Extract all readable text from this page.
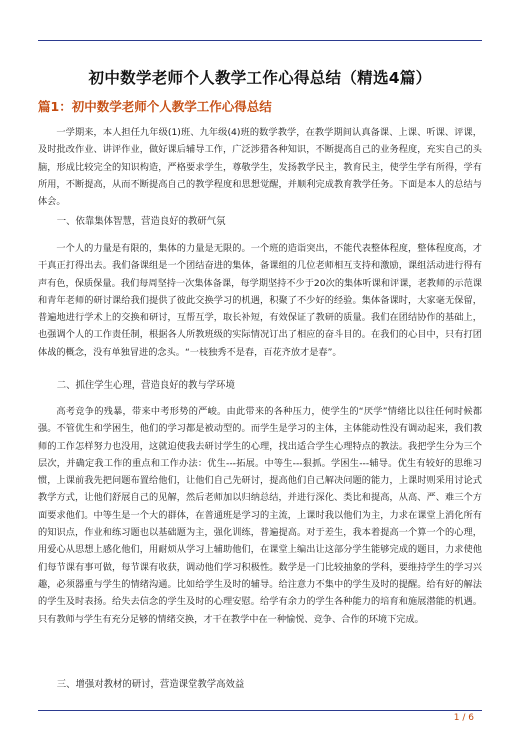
初中数学老师个人教学工作心得总结（精选4篇）
篇1：初中数学老师个人教学工作心得总结

一学期来，本人担任九年级(1)班、九年级(4)班的数学教学，在教学期间认真备课、上课、听课、评课，及时批改作业、讲评作业，做好课后辅导工作，广泛涉猎各种知识，不断提高自己的业务程度，充实自己的头脑，形成比较完全的知识构造，严格要求学生，尊敬学生，发扬教学民主，教育民主，使学生学有所得，学有所用，不断提高，从而不断提高自己的教学程度和思想觉醒，并顺利完成教育教学任务。下面是本人的总结与体会。

一、依靠集体智慧，营造良好的教研气氛

一个人的力量是有限的，集体的力量是无限的。一个班的造诣突出，不能代表整体程度，整体程度高，才干真正打得出去。我们备课组是一个团结奋进的集体，备课组的几位老师相互支持和激励，课组活动进行得有声有色，保质保量。我们每周坚持一次集体备课，每学期坚持不少于20次的集体听课和评课，老教师的示范课和青年老师的研讨课给我们提供了彼此交换学习的机遇，积聚了不少好的经验。集体备课时，大家毫无保留，普遍地进行学术上的交换和研讨，互帮互学，取长补短，有效保证了教研的质量。我们在团结协作的基础上，也强调个人的工作责任制，根据各人所教班级的实际情况订出了相应的奋斗目的。在我们的心目中，只有打团体战的概念，没有单独冒进的念头。“一枝独秀不是春，百花齐放才是春”。

二、抓住学生心理，营造良好的教与学环境

高考竞争的残暴，带来中考形势的严峻。由此带来的各种压力，使学生的“厌学”情绪比以往任何时候都强。不管优生和学困生，他们的学习都是被动型的。而学生是学习的主体，主体能动性没有调动起来，我们教师的工作怎样努力也没用，这就迫使我去研讨学生的心理，找出适合学生心理特点的教法。我把学生分为三个层次，并确定我工作的重点和工作办法：优生---拓展。中等生---狠抓。学困生---辅导。优生有较好的思维习惯，上课前我先把问题布置给他们，让他们自己先研讨，提高他们自己解决问题的能力，上课时则采用讨论式教学方式，让他们舒展自己的见解，然后老师加以归纳总结，并进行深化、类比和提高，从高、严、难三个方面要求他们。中等生是一个大的群体，在普通班是学习的主流，上课时我以他们为主，力求在课堂上消化所有的知识点，作业和练习题也以基础题为主，强化训练，普遍提高。对于差生，我本着提高一个算一个的心理，用爱心从思想上感化他们，用耐烦从学习上辅助他们，在课堂上编出让这部分学生能够完成的题目，力求使他们每节课有事可做，每节课有收获，调动他们学习积极性。数学是一门比较抽象的学科，要维持学生的学习兴趣，必须器重与学生的情绪沟通。比如给学生及时的辅导。给注意力不集中的学生及时的提醒。给有好的解法的学生及时表扬。给失去信念的学生及时的心理安慰。给学有余力的学生各种能力的培育和施展潜能的机遇。只有教师与学生有充分足够的情绪交换，才干在教学中在一种愉悦、竞争、合作的环境下完成。

三、增强对教材的研讨，营造课堂教学高效益

1 / 6
